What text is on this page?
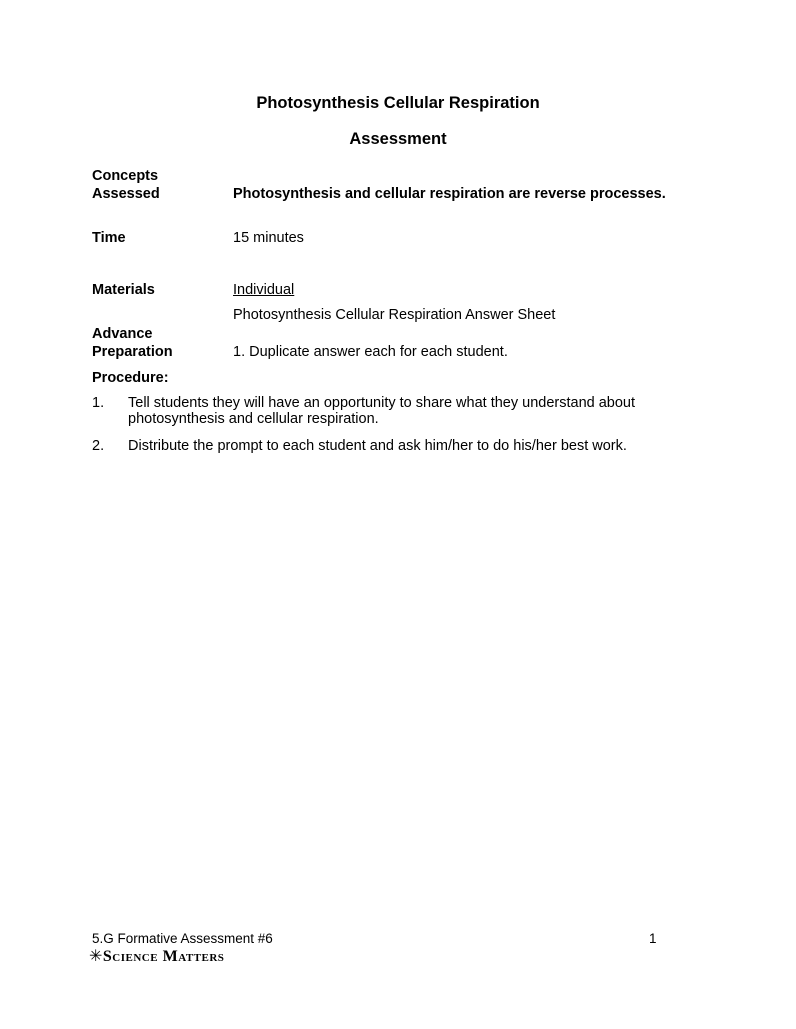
Photosynthesis Cellular Respiration
Assessment
Concepts
Assessed	Photosynthesis and cellular respiration are reverse processes.
Time	15 minutes
Materials	Individual
Photosynthesis Cellular Respiration Answer Sheet
Advance
Preparation	1. Duplicate answer each for each student.
Procedure:
1. Tell students they will have an opportunity to share what they understand about
photosynthesis and cellular respiration.
2. Distribute the prompt to each student and ask him/her to do his/her best work.
5.G Formative Assessment #6	1
✳Science Matters
